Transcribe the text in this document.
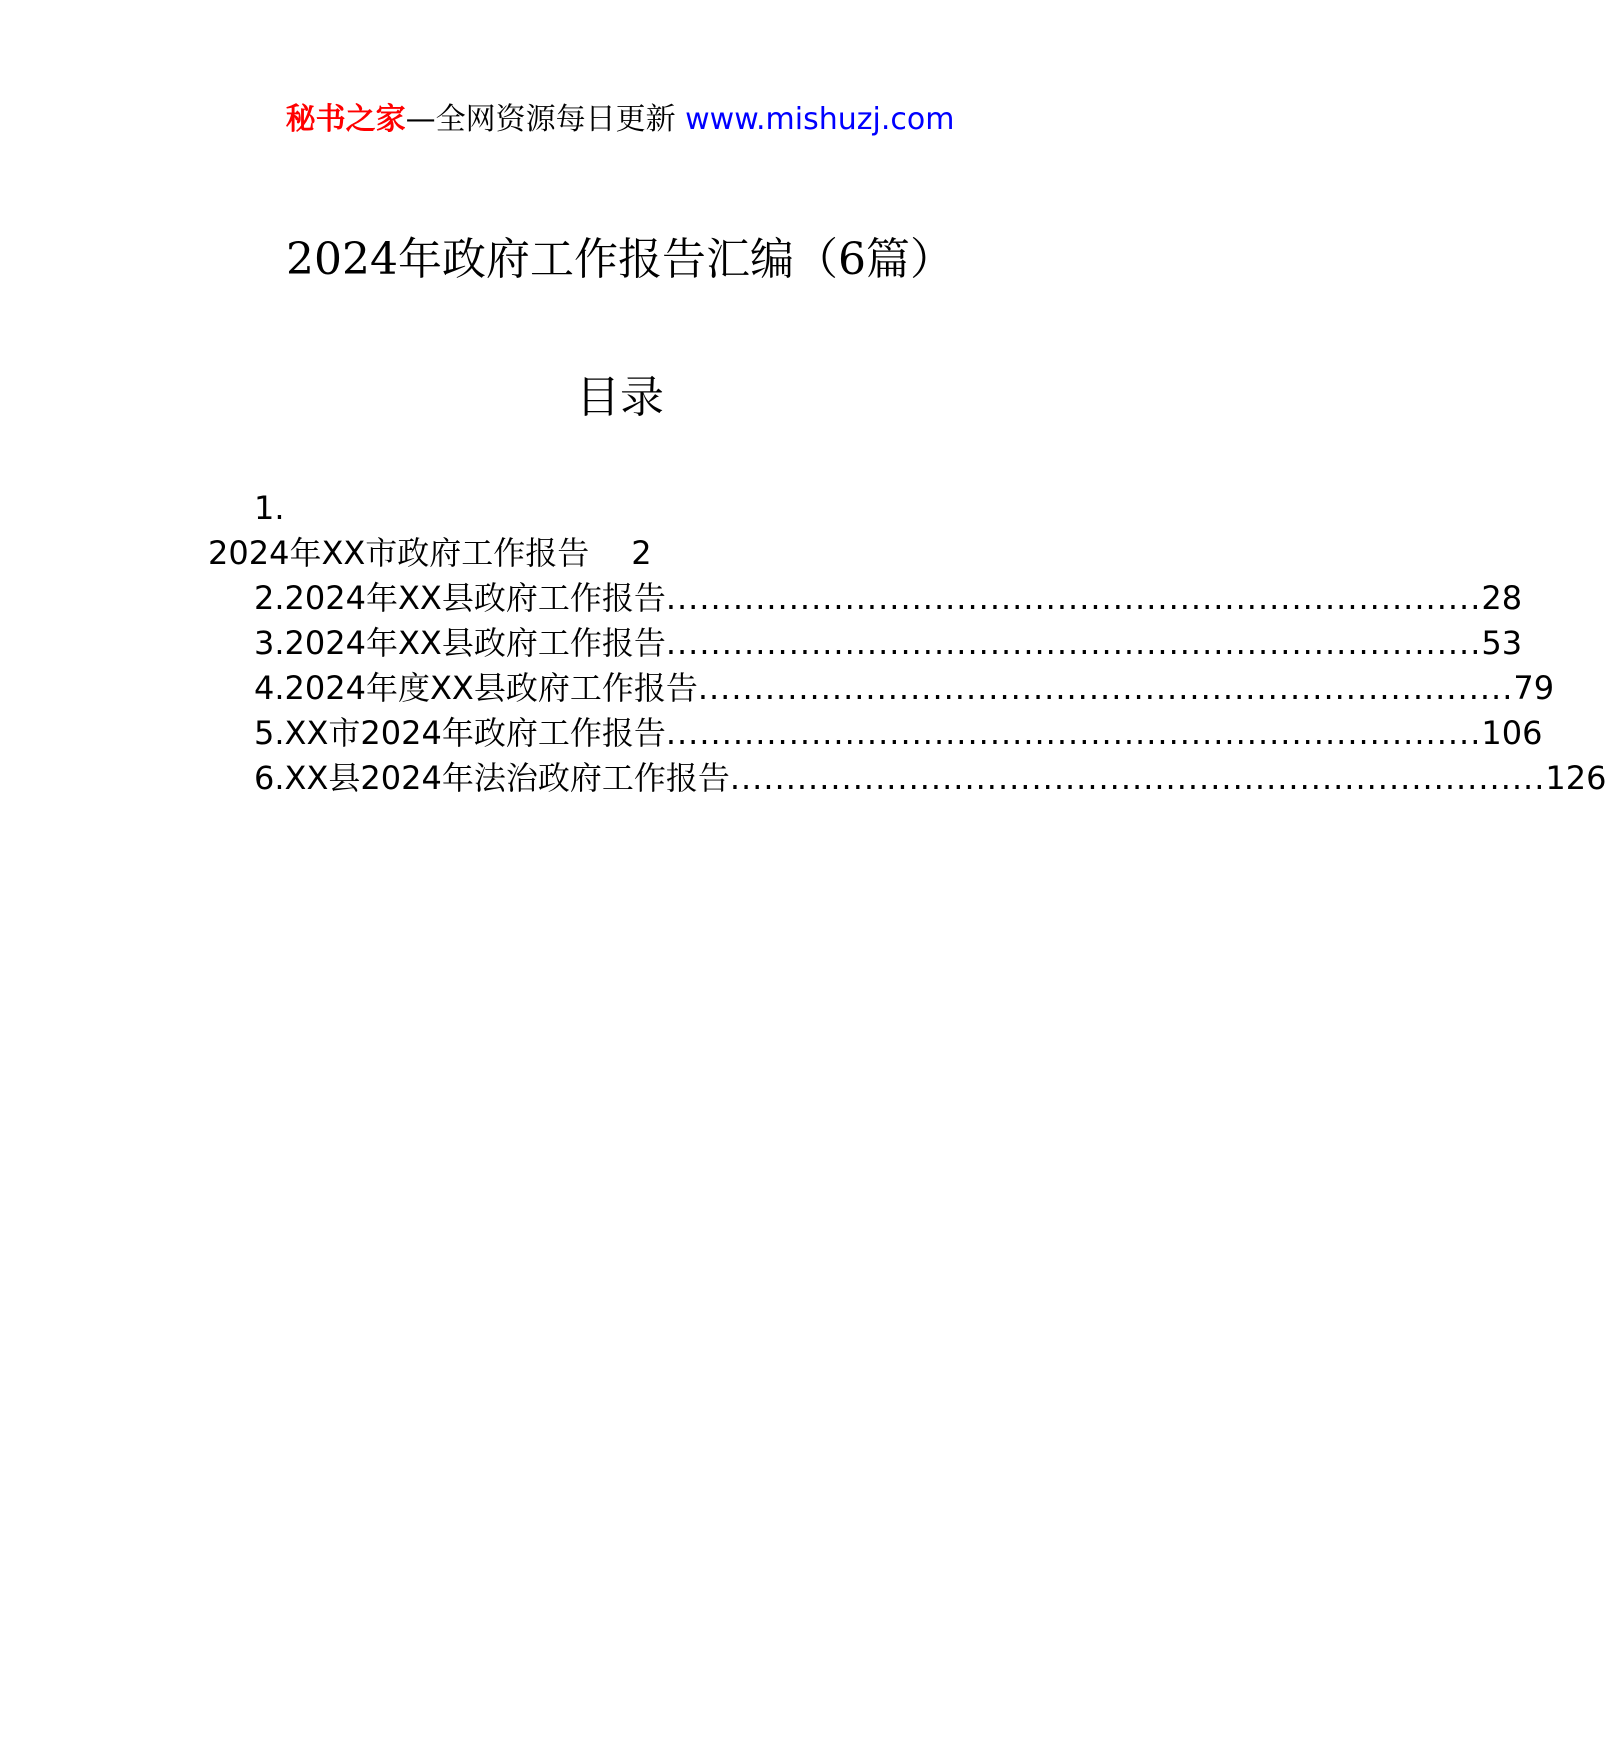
秘书之家—全网资源每日更新 www.mishuzj.com
2024年政府工作报告汇编（6篇）
目录
1.
2024年XX市政府工作报告 2
2.2024年XX县政府工作报告 ......................................................................... 28
3.2024年XX县政府工作报告 ......................................................................... 53
4.2024年度XX县政府工作报告 ......................................................................... 79
5.XX市2024年政府工作报告 ......................................................................... 106
6.XX县2024年法治政府工作报告 ......................................................................... 126
